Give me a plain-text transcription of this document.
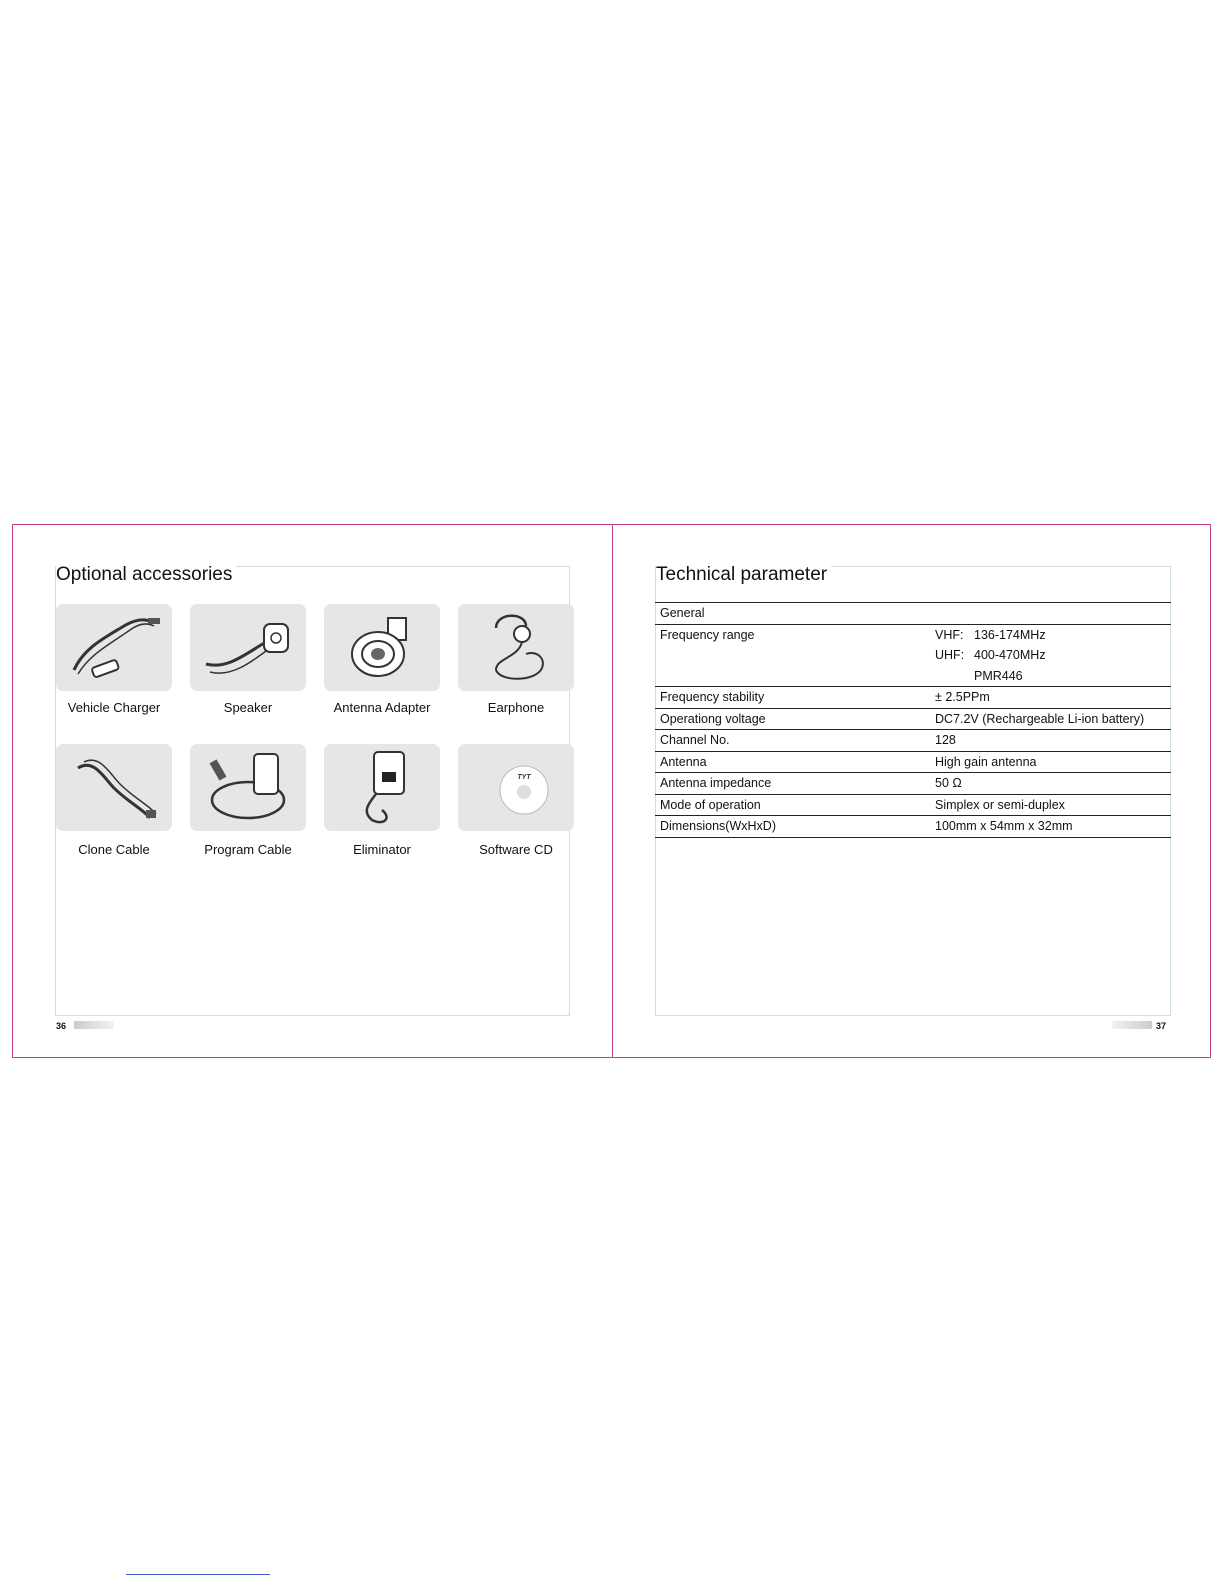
Optional accessories
Vehicle Charger	Speaker	Antenna Adapter	Earphone
TYT
Clone Cable	Program Cable	Eliminator	Software CD
36
Technical parameter
General	
Frequency range	VHF: 136-174MHz
	UHF: 400-470MHz
	PMR446
Frequency stability	± 2.5PPm
Operationg voltage	DC7.2V (Rechargeable Li-ion battery)
Channel No.	128
Antenna	High gain antenna
Antenna impedance	50 Ω
Mode of operation	Simplex or semi-duplex
Dimensions(WxHxD)	100mm x 54mm x 32mm
37
